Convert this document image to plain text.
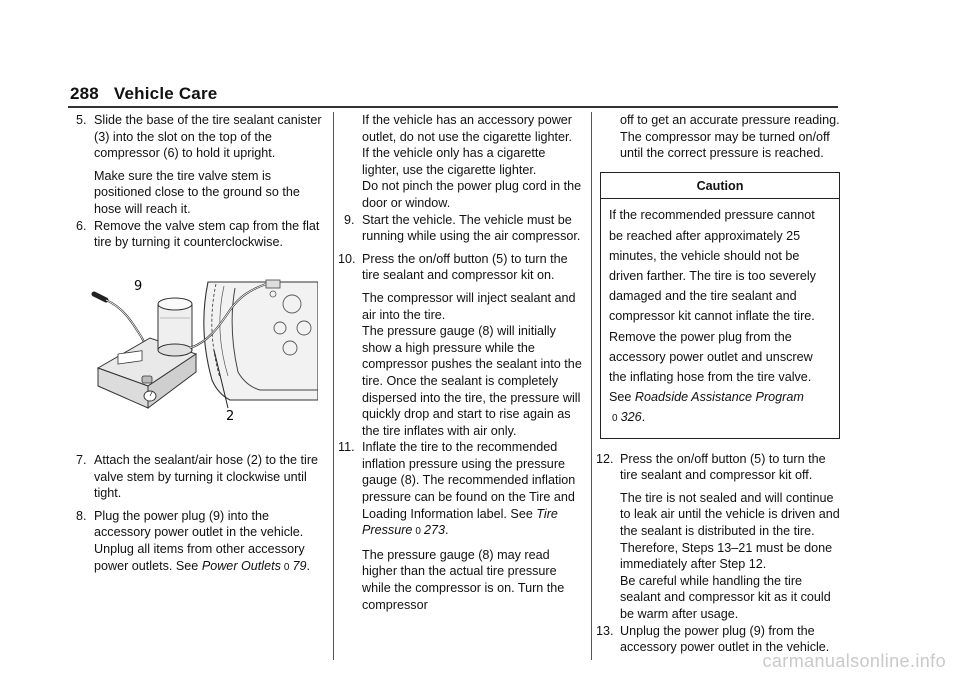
288 Vehicle Care
5. Slide the base of the tire sealant canister (3) into the slot on the top of the compressor (6) to hold it upright.

Make sure the tire valve stem is positioned close to the ground so the hose will reach it.

6. Remove the valve stem cap from the flat tire by turning it counterclockwise.

9
2
7. Attach the sealant/air hose (2) to the tire valve stem by turning it clockwise until tight.

8. Plug the power plug (9) into the accessory power outlet in the vehicle. Unplug all items from other accessory power outlets. See Power Outlets 0 79.

If the vehicle has an accessory power outlet, do not use the cigarette lighter.

If the vehicle only has a cigarette lighter, use the cigarette lighter.

Do not pinch the power plug cord in the door or window.

9. Start the vehicle. The vehicle must be running while using the air compressor.

10. Press the on/off button (5) to turn the tire sealant and compressor kit on.

The compressor will inject sealant and air into the tire.

The pressure gauge (8) will initially show a high pressure while the compressor pushes the sealant into the tire. Once the sealant is completely dispersed into the tire, the pressure will quickly drop and start to rise again as the tire inflates with air only.

11. Inflate the tire to the recommended inflation pressure using the pressure gauge (8). The recommended inflation pressure can be found on the Tire and Loading Information label. See Tire Pressure 0 273.

The pressure gauge (8) may read higher than the actual tire pressure while the compressor is on. Turn the compressor

off to get an accurate pressure reading. The compressor may be turned on/off until the correct pressure is reached.

Caution
If the recommended pressure cannot be reached after approximately 25 minutes, the vehicle should not be driven farther. The tire is too severely damaged and the tire sealant and compressor kit cannot inflate the tire. Remove the power plug from the accessory power outlet and unscrew the inflating hose from the tire valve. See Roadside Assistance Program
0 326.
12. Press the on/off button (5) to turn the tire sealant and compressor kit off.

The tire is not sealed and will continue to leak air until the vehicle is driven and the sealant is distributed in the tire. Therefore, Steps 13–21 must be done immediately after Step 12.

Be careful while handling the tire sealant and compressor kit as it could be warm after usage.

13. Unplug the power plug (9) from the accessory power outlet in the vehicle.

carmanualsonline.info
